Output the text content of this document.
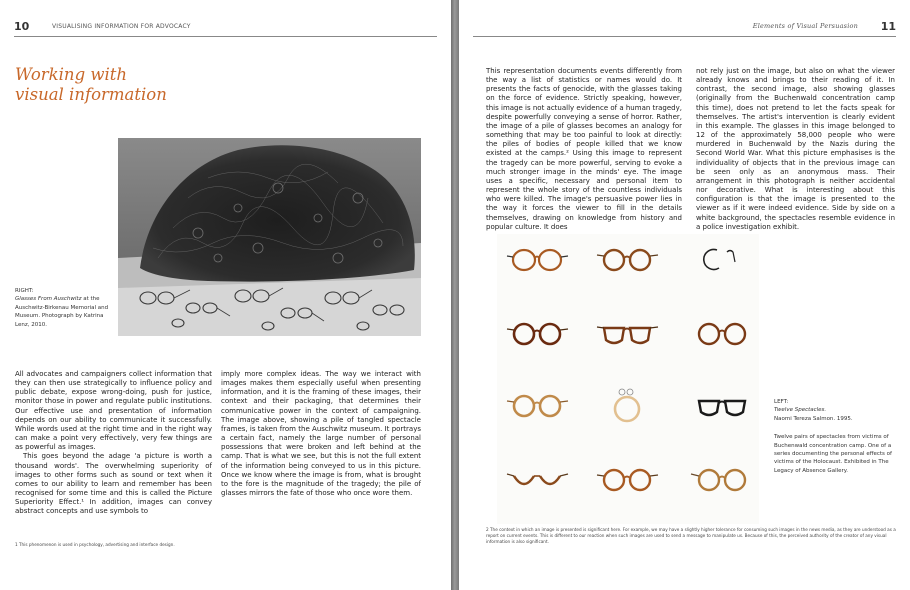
10	VISUALISING INFORMATION FOR ADVOCACY
Working with
visual information
RIGHT:
Glasses From Auschwitz at the
Auschwitz-Birkenau Memorial and
Museum. Photograph by Katrina
Lenz, 2010.

All advocates and campaigners collect information that they can then use strategically to influence policy and public debate, expose wrong-doing, push for justice, monitor those in power and regulate public institutions. Our effective use and presentation of information depends on our ability to communicate it successfully. While words used at the right time and in the right way can make a point very effectively, very few things are as powerful as images.

This goes beyond the adage 'a picture is worth a thousand words'. The overwhelming superiority of images to other forms such as sound or text when it comes to our ability to learn and remember has been recognised for some time and this is called the Picture Superiority Effect.¹ In addition, images can convey abstract concepts and use symbols to

imply more complex ideas. The way we interact with images makes them especially useful when presenting information, and it is the framing of these images, their context and their packaging, that determines their communicative power in the context of campaigning. The image above, showing a pile of tangled spectacle frames, is taken from the Auschwitz museum. It portrays a certain fact, namely the large number of personal possessions that were broken and left behind at the camp. That is what we see, but this is not the full extent of the information being conveyed to us in this picture. Once we know where the image is from, what is brought to the fore is the magnitude of the tragedy; the pile of glasses mirrors the fate of those who once wore them.

1 This phenomenon is used in psychology, advertising and interface design.
Elements of Visual Persuasion 11

This representation documents events differently from the way a list of statistics or names would do. It presents the facts of genocide, with the glasses taking on the force of evidence. Strictly speaking, however, this image is not actually evidence of a human tragedy, despite powerfully conveying a sense of horror. Rather, the image of a pile of glasses becomes an analogy for something that may be too painful to look at directly: the piles of bodies of people killed that we know existed at the camps.² Using this image to represent the tragedy can be more powerful, serving to evoke a much stronger image in the minds' eye. The image uses a specific, necessary and personal item to represent the whole story of the countless individuals who were killed. The image's persuasive power lies in the way it forces the viewer to fill in the details themselves, drawing on knowledge from history and popular culture. It does

not rely just on the image, but also on what the viewer already knows and brings to their reading of it. In contrast, the second image, also showing glasses (originally from the Buchenwald concentration camp this time), does not pretend to let the facts speak for themselves. The artist's intervention is clearly evident in this example. The glasses in this image belonged to 12 of the approximately 58,000 people who were murdered in Buchenwald by the Nazis during the Second World War. What this picture emphasises is the individuality of objects that in the previous image can be seen only as an anonymous mass. Their arrangement in this photograph is neither accidental nor decorative. What is interesting about this configuration is that the image is presented to the viewer as if it were indeed evidence. Side by side on a white background, the spectacles resemble evidence in a police investigation exhibit.

LEFT:
Twelve Spectacles.
Naomi Tereza Salmon. 1995.
Twelve pairs of spectacles from victims of Buchenwald concentration camp. One of a series documenting the personal effects of victims of the Holocaust. Exhibited in The Legacy of Absence Gallery.
2 The context in which an image is presented is significant here. For example, we may have a slightly higher tolerance for consuming such images in the news media, as they are understood as a report on current events. This is different to our reaction when such images are used to send a message to manipulate us. Because of this, the perceived authority of the creator of any visual information is also significant.
